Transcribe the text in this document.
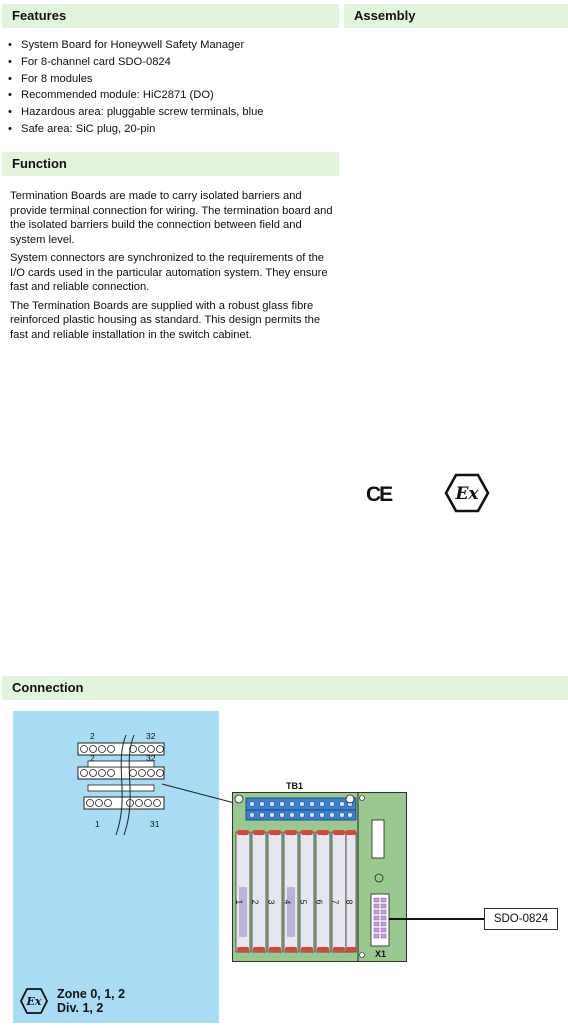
Features	Assembly
• System Board for Honeywell Safety Manager
• For 8-channel card SDO-0824
• For 8 modules
• Recommended module: HiC2871 (DO)
• Hazardous area: pluggable screw terminals, blue
• Safe area: SiC plug, 20-pin
Function

Termination Boards are made to carry isolated barriers and provide terminal connection for wiring. The termination board and the isolated barriers build the connection between field and system level.

System connectors are synchronized to the requirements of the I/O cards used in the particular automation system. They ensure fast and reliable connection.

The Termination Boards are supplied with a robust glass fibre reinforced plastic housing as standard. This design permits the fast and reliable installation in the switch cabinet.

CE	Ex
Connection
2	32
2	32
1	31
TB1
X1
1 2 3 4 5 6 7 8
SDO-0824
Ex
Zone 0, 1, 2
Div. 1, 2
